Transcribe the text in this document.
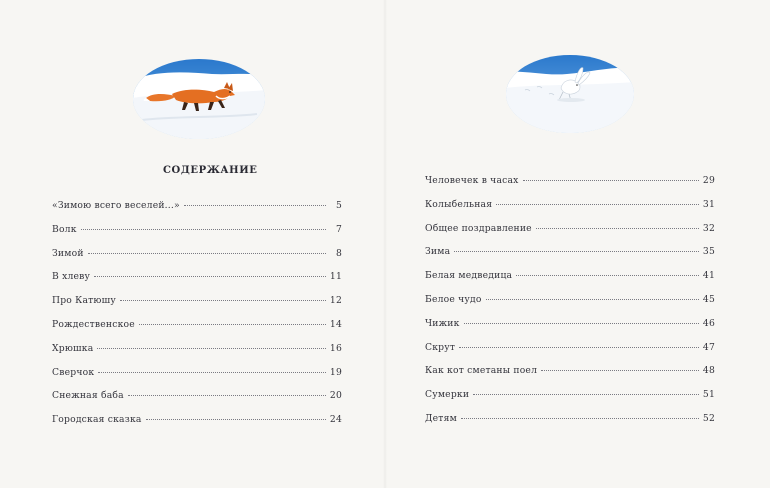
СОДЕРЖАНИЕ
«Зимою всего веселей...»	5
Волк	7
Зимой	8
В хлеву	11
Про Катюшу	12
Рождественское	14
Хрюшка	16
Сверчок	19
Снежная баба	20
Городская сказка	24
Человечек в часах	29
Колыбельная	31
Общее поздравление	32
Зима	35
Белая медведица	41
Белое чудо	45
Чижик	46
Скрут	47
Как кот сметаны поел	48
Сумерки	51
Детям	52
